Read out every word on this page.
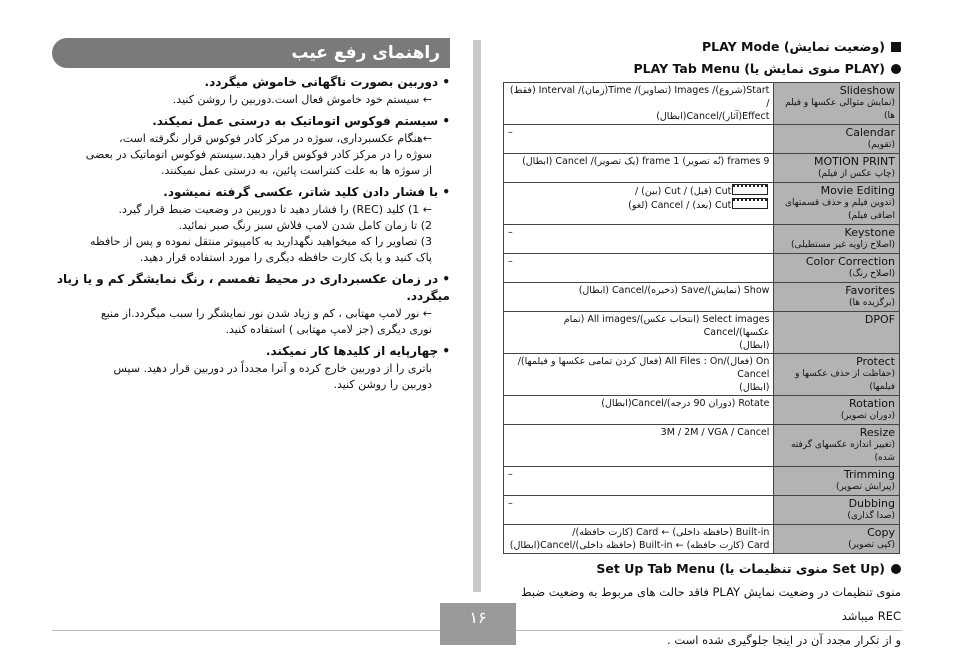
راهنمای رفع عیب
• دوربین بصورت ناگهانی خاموش میگردد.

← سیستم خود خاموش فعال است.دوربین را روشن کنید.

• سیستم فوکوس اتوماتیک به درستی عمل نمیکند.

←هنگام عکسبرداری، سوژه در مرکز کادر فوکوس قرار نگرفته است،

سوژه را در مرکز کادر فوکوس قرار دهید.سیستم فوکوس اتوماتیک در بعضی

از سوژه ها به علت کنتراست پائین، به درستی عمل نمیکنند.

• با فشار دادن کلید شاتر، عکسی گرفته نمیشود.

← 1) کلید (REC) را فشار دهید تا دوربین در وضعیت ضبط قرار گیرد.

2) تا زمان کامل شدن لامپ فلاش سبز رنگ صبر نمائید.

3) تصاویر را که میخواهید نگهدارید به کامپیوتر منتقل نموده و پس از حافظه

پاک کنید و یا یک کارت حافظه دیگری را مورد استفاده قرار دهید.

• در زمان عکسبرداری در محیط تفمسم ، رنگ نمایشگر کم و یا زیاد میگردد.

← نور لامپ مهتابی ، کم و زیاد شدن نور نمایشگر را سبب میگردد.از منبع

نوری دیگری (جز لامپ مهتابی ) استفاده کنید.

• چهارپایه از کلیدها کار نمیکند.

باتری را از دوربین خارج کرده و آنرا مجدداً در دوربین قرار دهید. سپس

دوربین را روشن کنید.

PLAY Mode (وضعیت نمایش)
PLAY Tab Menu (منوی نمایش یا PLAY)
Start(شروع)/ Images (تصاویر)/ Time(زمان)/ Interval (فقط) /
Effect(آثار)/Cancel(ابطال)	Slideshow
(نمایش متوالی عکسها و فیلم ها)

–	Calendar
(تقویم)

9 frames (نُه تصویر) 1 frame (یک تصویر)/ Cancel (ابطال)	MOTION PRINT
(چاپ عکس از فیلم)

Cut (قبل) / Cut (بین) /
Cut (بعد) / Cancel (لغو)	Movie Editing
(تدوین فیلم و حذف قسمتهای اضافی فیلم)

–	Keystone
(اصلاح زاویه غیر مستطیلی)

–	Color Correction
(اصلاح رنگ)

Show (نمایش)/Save (ذخیره)/Cancel (ابطال)	Favorites
(برگزیده ها)

Select images (انتخاب عکس)/All images (تمام عکسها)/Cancel
(ابطال)	DPOF

On (فعال)/All Files : On (فعال کردن تمامی عکسها و فیلمها)/ Cancel
(ابطال)	Protect
(حفاظت از حذف عکسها و فیلمها)

Rotate (دوران 90 درجه)/Cancel(ابطال)	Rotation
(دوران تصویر)

3M / 2M / VGA / Cancel	Resize
(تغییر اندازه عکسهای گرفته شده)

–	Trimming
(پیرایش تصویر)

–	Dubbing
(صدا گذاری)

Built-in (حافظه داخلی) ← Card (کارت حافظه)/
Card (کارت حافظه) ← Built-in (حافظه داخلی)/Cancel(ابطال)	Copy
(کپی تصویر)
Set Up Tab Menu (منوی تنظیمات یا Set Up)
منوی تنظیمات در وضعیت نمایش PLAY فاقد حالت های مربوط به وضعیت ضبط REC میباشد
و از تکرار مجدد آن در اینجا جلوگیری شده است .
۱۶
